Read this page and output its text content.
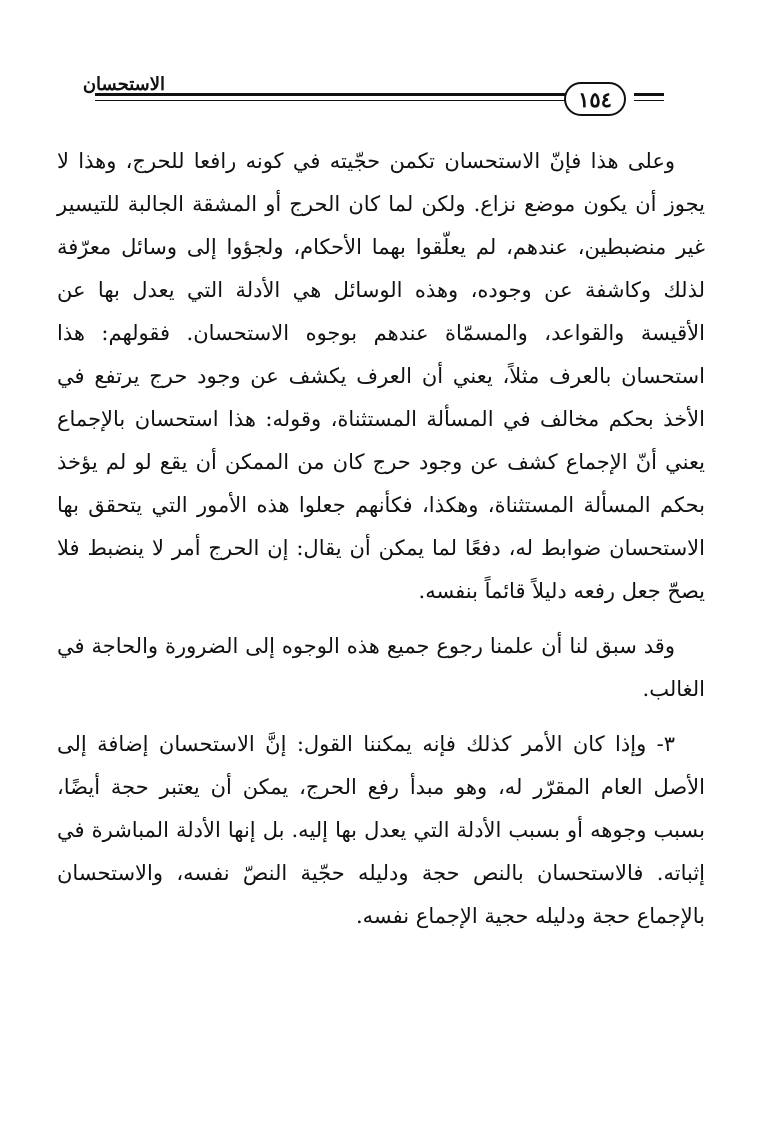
الاستحسان
١٥٤

وعلى هذا فإنّ الاستحسان تكمن حجّيته في كونه رافعا للحرج، وهذا لا يجوز أن يكون موضع نزاع. ولكن لما كان الحرج أو المشقة الجالبة للتيسير غير منضبطين، عندهم، لم يعلّقوا بهما الأحكام، ولجؤوا إلى وسائل معرّفة لذلك وكاشفة عن وجوده، وهذه الوسائل هي الأدلة التي يعدل بها عن الأقيسة والقواعد، والمسمّاة عندهم بوجوه الاستحسان. فقولهم: هذا استحسان بالعرف مثلاً، يعني أن العرف يكشف عن وجود حرج يرتفع في الأخذ بحكم مخالف في المسألة المستثناة، وقوله: هذا استحسان بالإجماع يعني أنّ الإجماع كشف عن وجود حرج كان من الممكن أن يقع لو لم يؤخذ بحكم المسألة المستثناة، وهكذا، فكأنهم جعلوا هذه الأمور التي يتحقق بها الاستحسان ضوابط له، دفعًا لما يمكن أن يقال: إن الحرج أمر لا ينضبط فلا يصحّ جعل رفعه دليلاً قائماً بنفسه.

وقد سبق لنا أن علمنا رجوع جميع هذه الوجوه إلى الضرورة والحاجة في الغالب.

٣- وإذا كان الأمر كذلك فإنه يمكننا القول: إنَّ الاستحسان إضافة إلى الأصل العام المقرّر له، وهو مبدأ رفع الحرج، يمكن أن يعتبر حجة أيضًا، بسبب وجوهه أو بسبب الأدلة التي يعدل بها إليه. بل إنها الأدلة المباشرة في إثباته. فالاستحسان بالنص حجة ودليله حجّية النصّ نفسه، والاستحسان بالإجماع حجة ودليله حجية الإجماع نفسه.
